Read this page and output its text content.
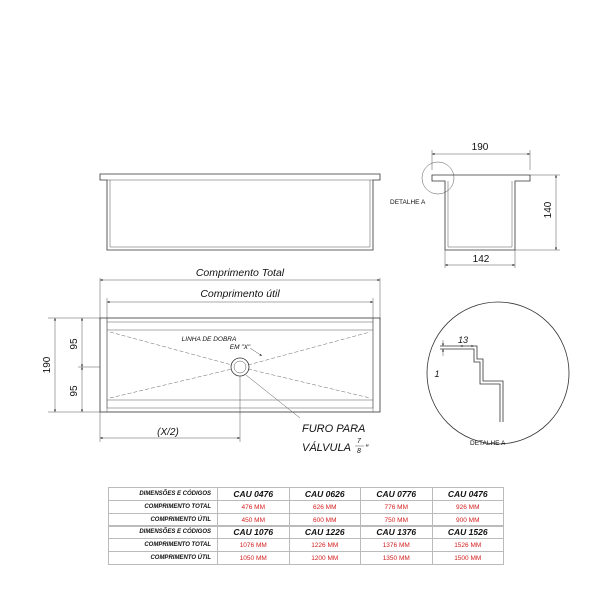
Comprimento Total
Comprimento útil
LINHA DE DOBRA
EM "X"
190
95
95
(X/2)	FURO PARA
VÁLVULA
7
8 "
190
140
142
DETALHE A
13
1
DETALHE A
DIMENSÕES E CÓDIGOS	CAU 0476	CAU 0626	CAU 0776	CAU 0476
COMPRIMENTO TOTAL	476 MM	626 MM	776 MM	926 MM
COMPRIMENTO ÚTIL	450 MM	600 MM	750 MM	900 MM
DIMENSÕES E CÓDIGOS	CAU 1076	CAU 1226	CAU 1376	CAU 1526
COMPRIMENTO TOTAL	1076 MM	1226 MM	1376 MM	1526 MM
COMPRIMENTO ÚTIL	1050 MM	1200 MM	1350 MM	1500 MM
